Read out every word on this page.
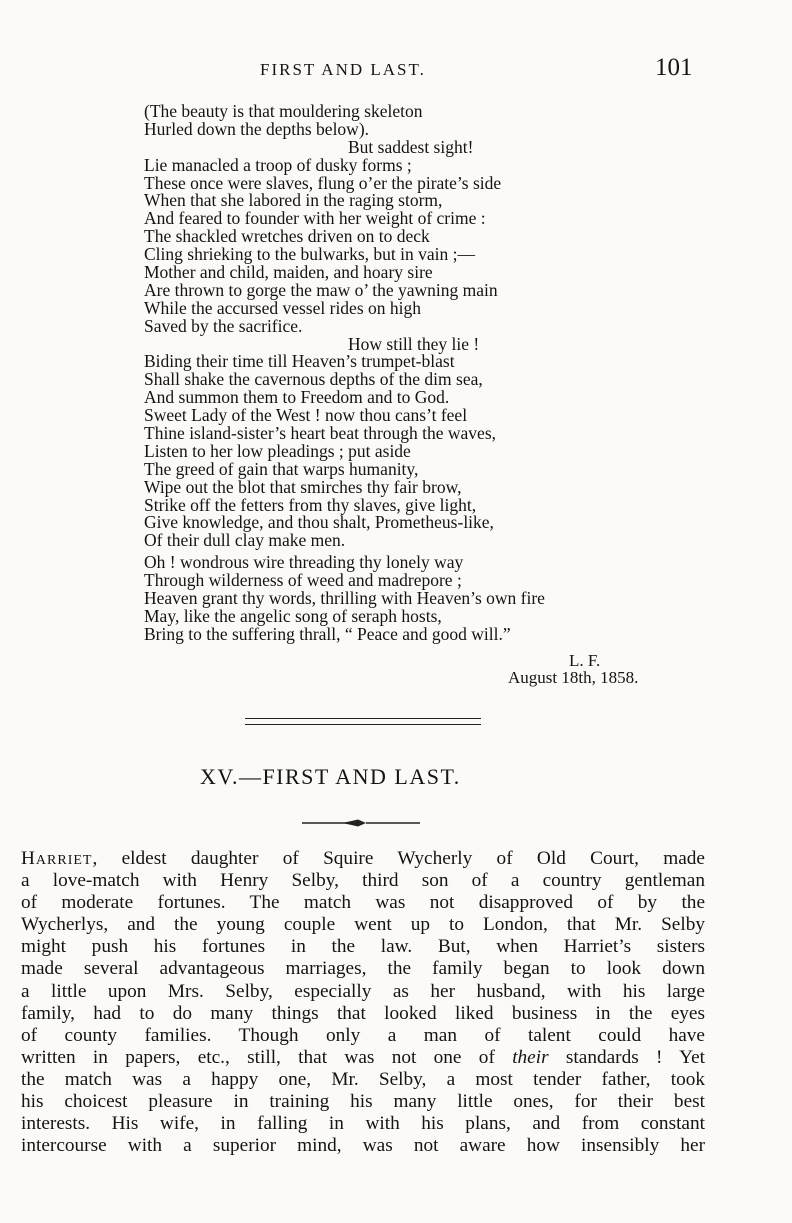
FIRST AND LAST.	101
(The beauty is that mouldering skeleton
Hurled down the depths below).
But saddest sight!
Lie manacled a troop of dusky forms ;
These once were slaves, flung o’er the pirate’s side
When that she labored in the raging storm,
And feared to founder with her weight of crime :
The shackled wretches driven on to deck
Cling shrieking to the bulwarks, but in vain ;—
Mother and child, maiden, and hoary sire
Are thrown to gorge the maw o’ the yawning main
While the accursed vessel rides on high
Saved by the sacrifice.
How still they lie !
Biding their time till Heaven’s trumpet-blast
Shall shake the cavernous depths of the dim sea,
And summon them to Freedom and to God.
Sweet Lady of the West ! now thou cans’t feel
Thine island-sister’s heart beat through the waves,
Listen to her low pleadings ; put aside
The greed of gain that warps humanity,
Wipe out the blot that smirches thy fair brow,
Strike off the fetters from thy slaves, give light,
Give knowledge, and thou shalt, Prometheus-like,
Of their dull clay make men.
Oh ! wondrous wire threading thy lonely way
Through wilderness of weed and madrepore ;
Heaven grant thy words, thrilling with Heaven’s own fire
May, like the angelic song of seraph hosts,
Bring to the suffering thrall, “ Peace and good will.”
L. F.
August 18th, 1858.
XV.—FIRST AND LAST.
Harriet, eldest daughter of Squire Wycherly of Old Court, made
a love-match with Henry Selby, third son of a country gentleman
of moderate fortunes. The match was not disapproved of by the
Wycherlys, and the young couple went up to London, that Mr. Selby
might push his fortunes in the law. But, when Harriet’s sisters
made several advantageous marriages, the family began to look down
a little upon Mrs. Selby, especially as her husband, with his large
family, had to do many things that looked liked business in the eyes
of county families. Though only a man of talent could have
written in papers, etc., still, that was not one of their standards ! Yet
the match was a happy one, Mr. Selby, a most tender father, took
his choicest pleasure in training his many little ones, for their best
interests. His wife, in falling in with his plans, and from constant
intercourse with a superior mind, was not aware how insensibly her
